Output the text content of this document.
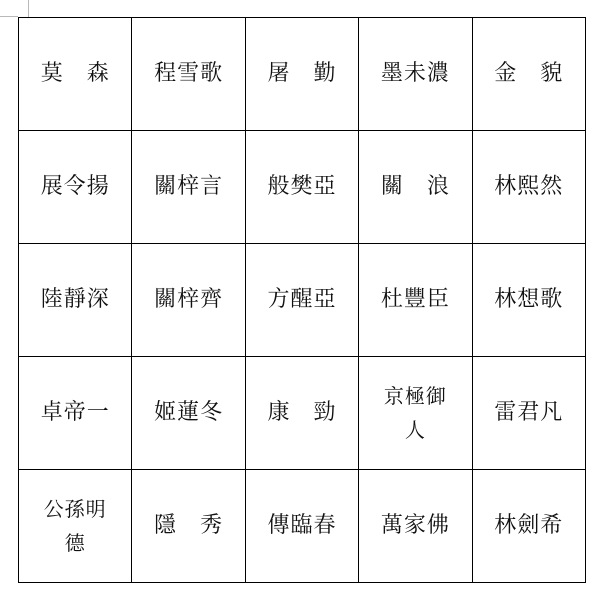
莫　森	程雪歌	屠　勤	墨未濃	金　貌
展令揚	關梓言	般樊亞	關　浪	林熙然
陸靜深	關梓齊	方醒亞	杜豐臣	林想歌
卓帝一	姬蓮冬	康　勁	京極御人	雷君凡
公孫明德	隱　秀	傳臨春	萬家佛	林劍希
